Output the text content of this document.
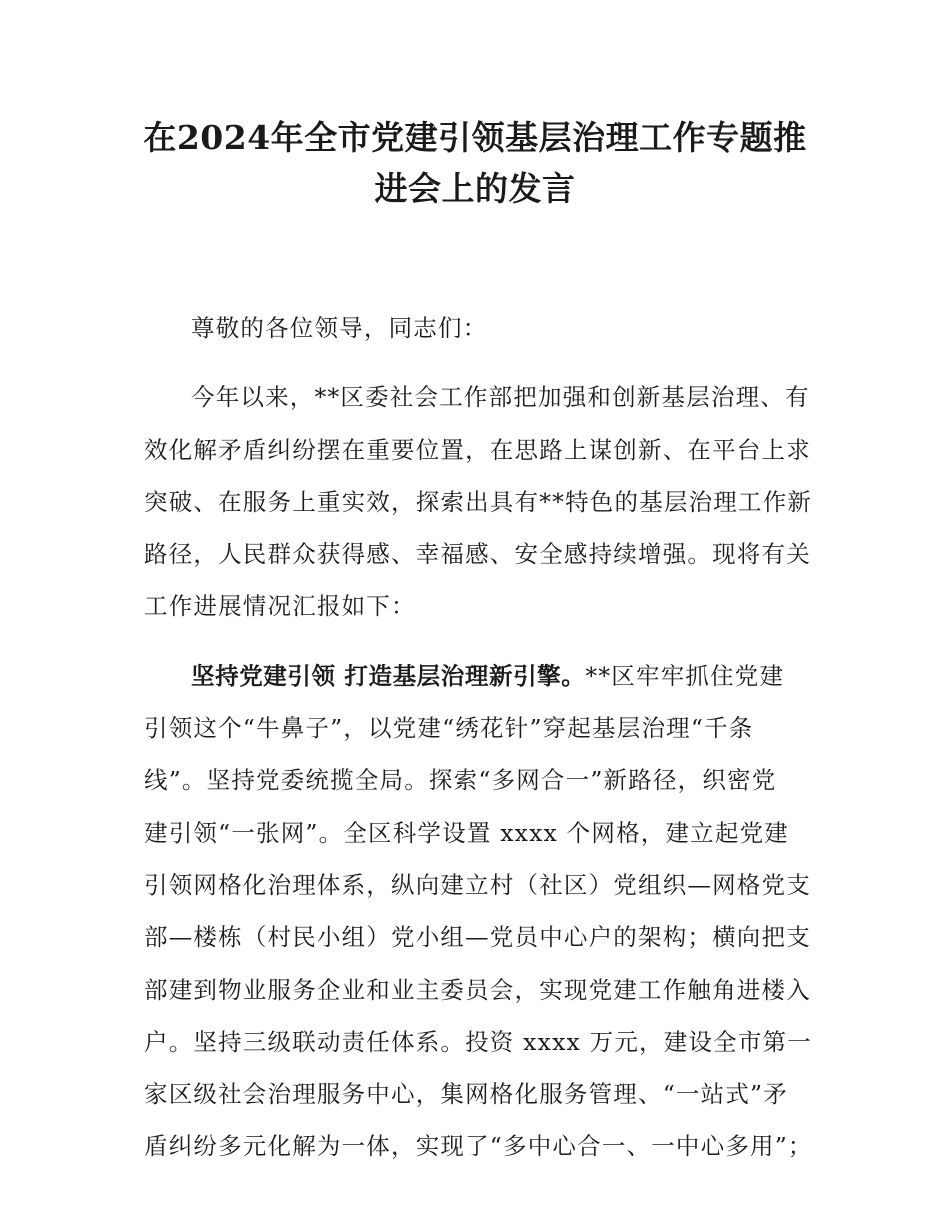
在2024年全市党建引领基层治理工作专题推
进会上的发言
尊敬的各位领导，同志们：
今年以来，**区委社会工作部把加强和创新基层治理、有
效化解矛盾纠纷摆在重要位置，在思路上谋创新、在平台上求
突破、在服务上重实效，探索出具有**特色的基层治理工作新
路径，人民群众获得感、幸福感、安全感持续增强。现将有关
工作进展情况汇报如下：
坚持党建引领 打造基层治理新引擎。**区牢牢抓住党建
引领这个“牛鼻子”，以党建“绣花针”穿起基层治理“千条
线”。坚持党委统揽全局。探索“多网合一”新路径，织密党
建引领“一张网”。全区科学设置 xxxx 个网格，建立起党建
引领网格化治理体系，纵向建立村（社区）党组织—网格党支
部—楼栋（村民小组）党小组—党员中心户的架构；横向把支
部建到物业服务企业和业主委员会，实现党建工作触角进楼入
户。坚持三级联动责任体系。投资 xxxx 万元，建设全市第一
家区级社会治理服务中心，集网格化服务管理、“一站式”矛
盾纠纷多元化解为一体，实现了“多中心合一、一中心多用”；
